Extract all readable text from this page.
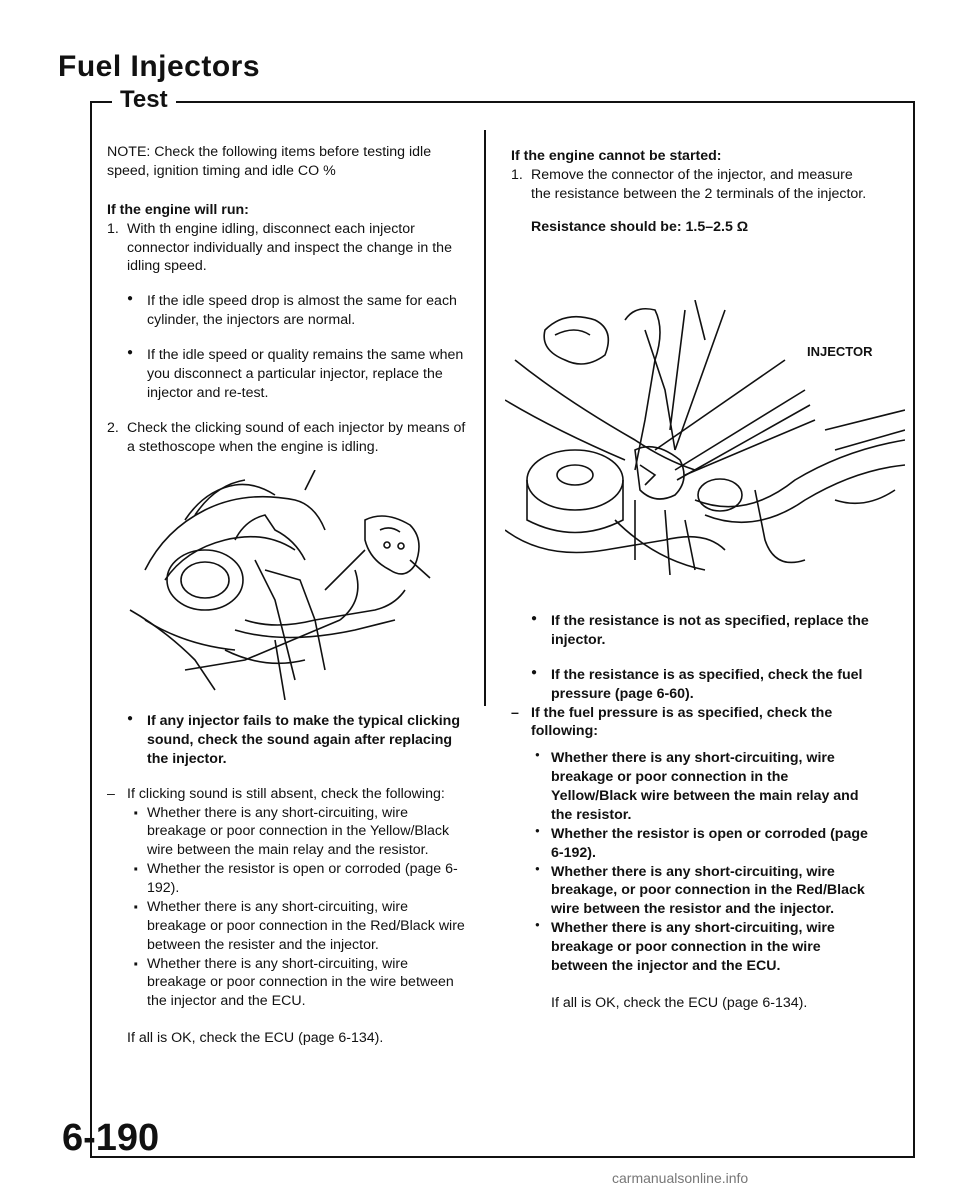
Fuel Injectors
Test

NOTE: Check the following items before testing idle speed, ignition timing and idle CO %

If the engine will run:

1. With th engine idling, disconnect each injector connector individually and inspect the change in the idling speed.

● If the idle speed drop is almost the same for each cylinder, the injectors are normal.

● If the idle speed or quality remains the same when you disconnect a particular injector, replace the injector and re-test.

2. Check the clicking sound of each injector by means of a stethoscope when the engine is idling.

● If any injector fails to make the typical clicking sound, check the sound again after replacing the injector.

– If clicking sound is still absent, check the following:

· Whether there is any short-circuiting, wire breakage or poor connection in the Yellow/Black wire between the main relay and the resistor.

· Whether the resistor is open or corroded (page 6-192).

· Whether there is any short-circuiting, wire breakage or poor connection in the Red/Black wire between the resister and the injector.

· Whether there is any short-circuiting, wire breakage or poor connection in the wire between the injector and the ECU.

If all is OK, check the ECU (page 6-134).

If the engine cannot be started:

1. Remove the connector of the injector, and measure the resistance between the 2 terminals of the injector.

Resistance should be: 1.5–2.5 Ω

INJECTOR

● If the resistance is not as specified, replace the injector.

● If the resistance is as specified, check the fuel pressure (page 6-60).

– If the fuel pressure is as specified, check the following:

● Whether there is any short-circuiting, wire breakage or poor connection in the Yellow/Black wire between the main relay and the resistor.

● Whether the resistor is open or corroded (page 6-192).

● Whether there is any short-circuiting, wire breakage, or poor connection in the Red/Black wire between the resistor and the injector.

● Whether there is any short-circuiting, wire breakage or poor connection in the wire between the injector and the ECU.

If all is OK, check the ECU (page 6-134).

6-190
carmanualsonline.info
